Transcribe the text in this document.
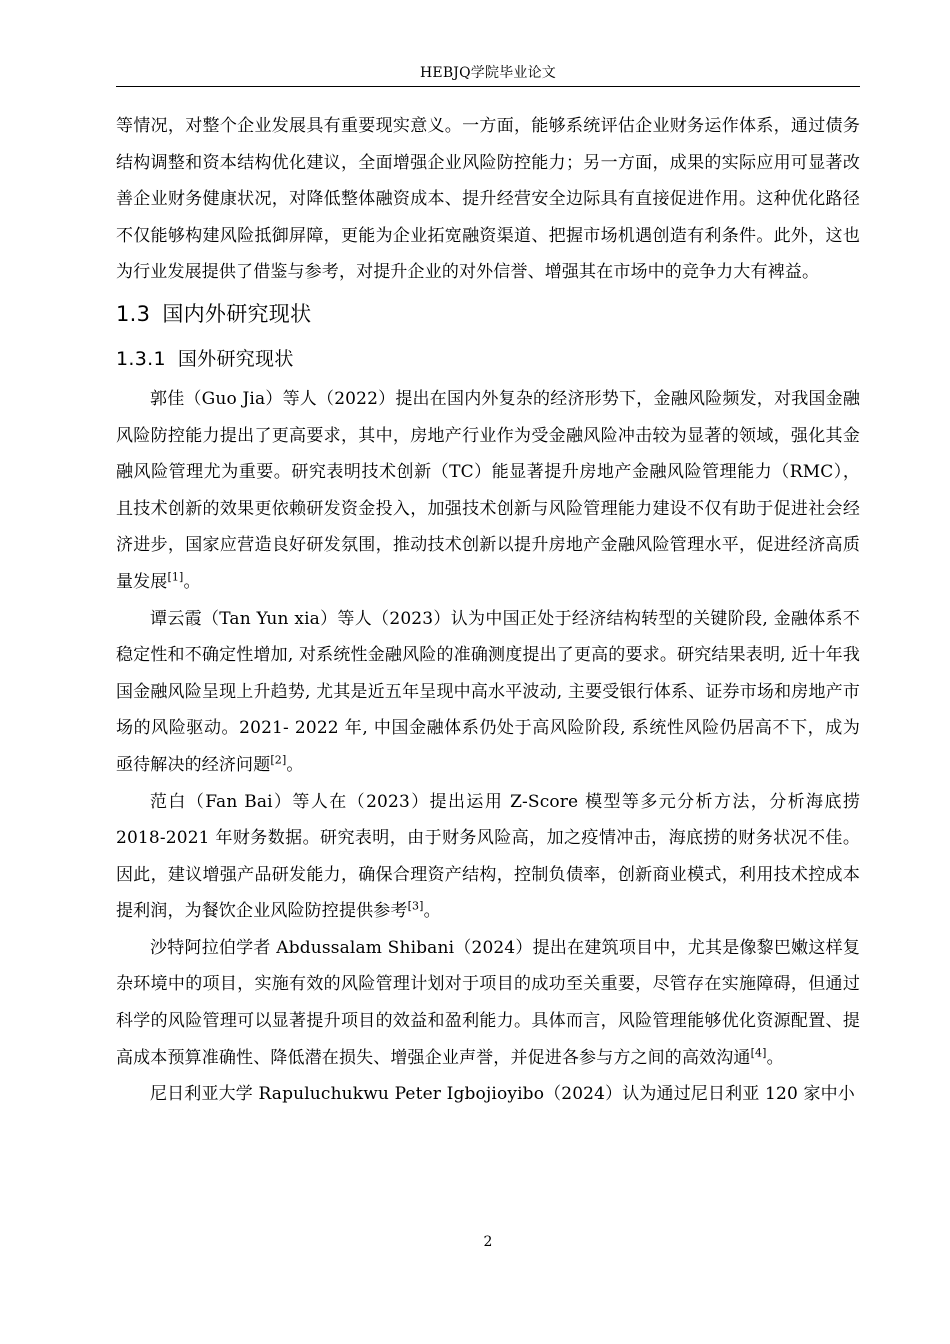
HEBJQ学院毕业论文

等情况，对整个企业发展具有重要现实意义。一方面，能够系统评估企业财务运作体系，通过债务结构调整和资本结构优化建议，全面增强企业风险防控能力；另一方面，成果的实际应用可显著改善企业财务健康状况，对降低整体融资成本、提升经营安全边际具有直接促进作用。这种优化路径不仅能够构建风险抵御屏障，更能为企业拓宽融资渠道、把握市场机遇创造有利条件。此外，这也为行业发展提供了借鉴与参考，对提升企业的对外信誉、增强其在市场中的竞争力大有裨益。

1.3 国内外研究现状
1.3.1 国外研究现状

郭佳（Guo Jia）等人（2022）提出在国内外复杂的经济形势下，金融风险频发，对我国金融风险防控能力提出了更高要求，其中，房地产行业作为受金融风险冲击较为显著的领域，强化其金融风险管理尤为重要。研究表明技术创新（TC）能显著提升房地产金融风险管理能力（RMC），且技术创新的效果更依赖研发资金投入，加强技术创新与风险管理能力建设不仅有助于促进社会经济进步，国家应营造良好研发氛围，推动技术创新以提升房地产金融风险管理水平，促进经济高质量发展[1]。

谭云霞（Tan Yun xia）等人（2023）认为中国正处于经济结构转型的关键阶段, 金融体系不稳定性和不确定性增加, 对系统性金融风险的准确测度提出了更高的要求。研究结果表明, 近十年我国金融风险呈现上升趋势, 尤其是近五年呈现中高水平波动, 主要受银行体系、证券市场和房地产市场的风险驱动。2021- 2022 年, 中国金融体系仍处于高风险阶段, 系统性风险仍居高不下，成为亟待解决的经济问题[2]。

范白（Fan Bai）等人在（2023）提出运用 Z-Score 模型等多元分析方法，分析海底捞 2018-2021 年财务数据。研究表明，由于财务风险高，加之疫情冲击，海底捞的财务状况不佳。因此，建议增强产品研发能力，确保合理资产结构，控制负债率，创新商业模式，利用技术控成本提利润，为餐饮企业风险防控提供参考[3]。

沙特阿拉伯学者 Abdussalam Shibani（2024）提出在建筑项目中，尤其是像黎巴嫩这样复杂环境中的项目，实施有效的风险管理计划对于项目的成功至关重要，尽管存在实施障碍，但通过科学的风险管理可以显著提升项目的效益和盈利能力。具体而言，风险管理能够优化资源配置、提高成本预算准确性、降低潜在损失、增强企业声誉，并促进各参与方之间的高效沟通[4]。

尼日利亚大学 Rapuluchukwu Peter Igbojioyibo（2024）认为通过尼日利亚 120 家中小

2
